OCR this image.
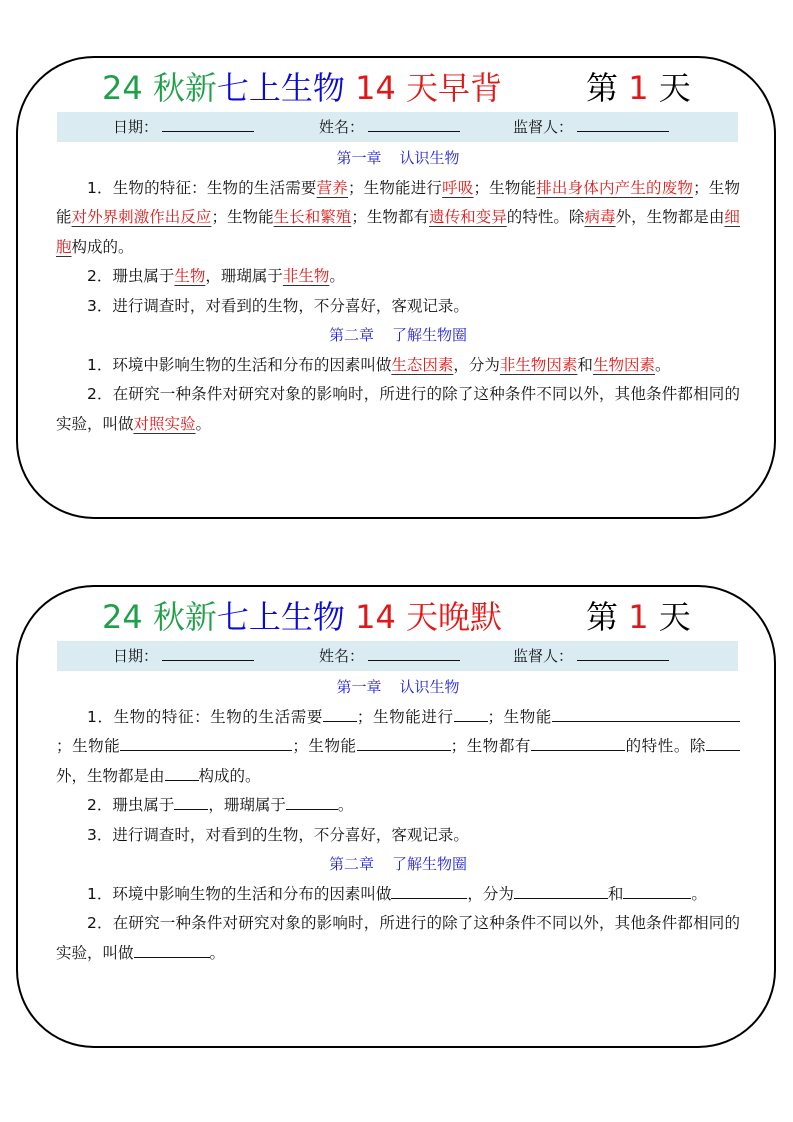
24 秋新七上生物 14 天早背	第 1 天
日期：	姓名：	监督人：
第一章 认识生物

1．生物的特征：生物的生活需要营养；生物能进行呼吸；生物能排出身体内产生的废物；生物能对外界刺激作出反应；生物能生长和繁殖；生物都有遗传和变异的特性。除病毒外，生物都是由细胞构成的。

2．珊虫属于生物，珊瑚属于非生物。

3．进行调查时，对看到的生物，不分喜好，客观记录。

第二章 了解生物圈

1．环境中影响生物的生活和分布的因素叫做生态因素，分为非生物因素和生物因素。

2．在研究一种条件对研究对象的影响时，所进行的除了这种条件不同以外，其他条件都相同的实验，叫做对照实验。

24 秋新七上生物 14 天晚默	第 1 天
日期：	姓名：	监督人：
第一章 认识生物

1．生物的特征：生物的生活需要 ；生物能进行 ；生物能；生物能	；生物能	；生物都有	的特性。除外，生物都是由 构成的。

2．珊虫属于 ，珊瑚属于	。

3．进行调查时，对看到的生物，不分喜好，客观记录。

第二章 了解生物圈

1．环境中影响生物的生活和分布的因素叫做	，分为	和	。

2．在研究一种条件对研究对象的影响时，所进行的除了这种条件不同以外，其他条件都相同的实验，叫做	。
